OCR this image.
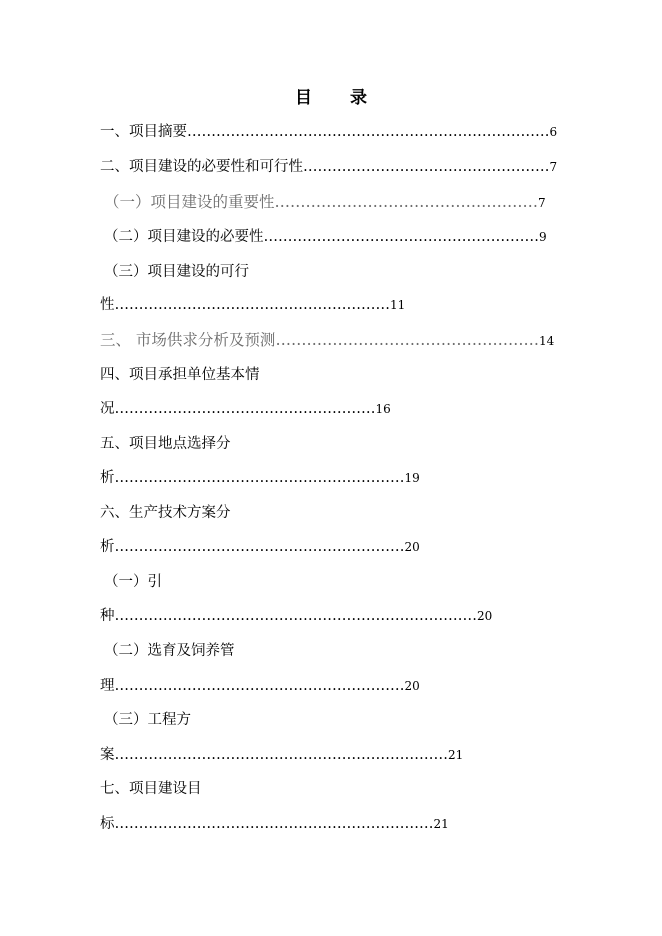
目录
一、项目摘要…………………………………………………………………6
二、项目建设的必要性和可行性……………………………………………7
（一）项目建设的重要性……………………………………………7
（二）项目建设的必要性…………………………………………………9
（三）项目建设的可行
性…………………………………………………11
三、 市场供求分析及预测……………………………………………14
四、项目承担单位基本情
况………………………………………………16
五、项目地点选择分
析……………………………………………………19
六、生产技术方案分
析……………………………………………………20
（一）引
种…………………………………………………………………20
（二）选育及饲养管
理……………………………………………………20
（三）工程方
案……………………………………………………………21
七、项目建设目
标…………………………………………………………21
